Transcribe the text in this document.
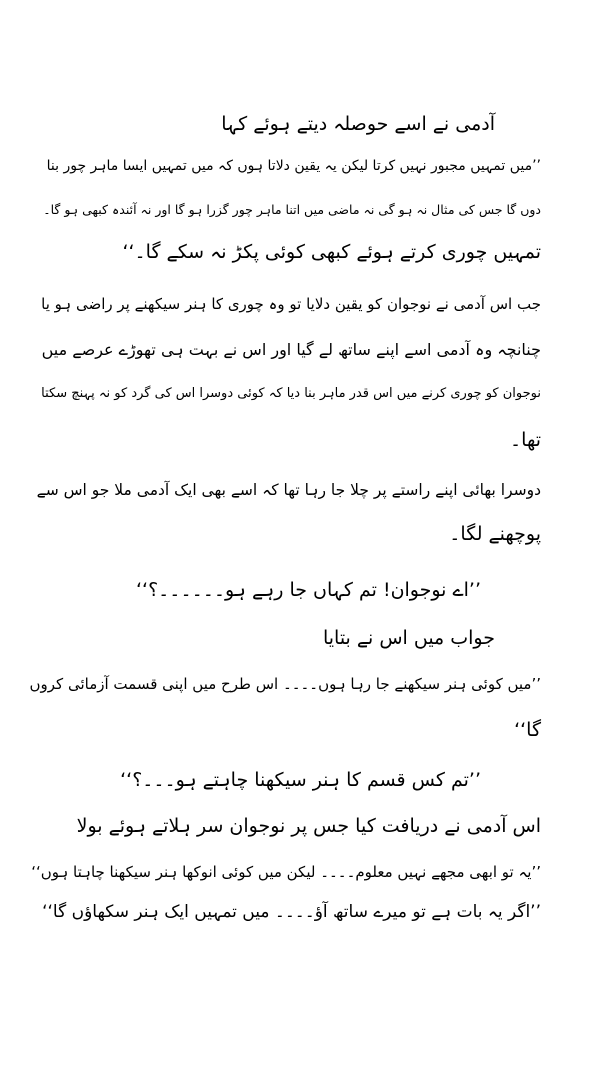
آدمی نے اسے حوصلہ دیتے ہوئے کہا
’’میں تمہیں مجبور نہیں کرتا لیکن یہ یقین دلاتا ہوں کہ میں تمہیں ایسا ماہر چور بنا
دوں گا جس کی مثال نہ ہو گی نہ ماضی میں اتنا ماہر چور گزرا ہو گا اور نہ آئندہ کبھی ہو گا۔
تمہیں چوری کرتے ہوئے کبھی کوئی پکڑ نہ سکے گا۔‘‘
جب اس آدمی نے نوجوان کو یقین دلایا تو وہ چوری کا ہنر سیکھنے پر راضی ہو یا
چنانچہ وہ آدمی اسے اپنے ساتھ لے گیا اور اس نے بہت ہی تھوڑے عرصے میں
نوجوان کو چوری کرنے میں اس قدر ماہر بنا دیا کہ کوئی دوسرا اس کی گرد کو نہ پہنچ سکتا
تھا۔
دوسرا بھائی اپنے راستے پر چلا جا رہا تھا کہ اسے بھی ایک آدمی ملا جو اس سے
پوچھنے لگا۔
’’اے نوجوان! تم کہاں جا رہے ہو۔۔۔۔۔۔؟‘‘
جواب میں اس نے بتایا
’’میں کوئی ہنر سیکھنے جا رہا ہوں۔۔۔۔ اس طرح میں اپنی قسمت آزمائی کروں
گا‘‘
’’تم کس قسم کا ہنر سیکھنا چاہتے ہو۔۔۔؟‘‘
اس آدمی نے دریافت کیا جس پر نوجوان سر ہلاتے ہوئے بولا
’’یہ تو ابھی مجھے نہیں معلوم۔۔۔۔ لیکن میں کوئی انوکھا ہنر سیکھنا چاہتا ہوں‘‘
’’اگر یہ بات ہے تو میرے ساتھ آؤ۔۔۔۔ میں تمہیں ایک ہنر سکھاؤں گا‘‘
